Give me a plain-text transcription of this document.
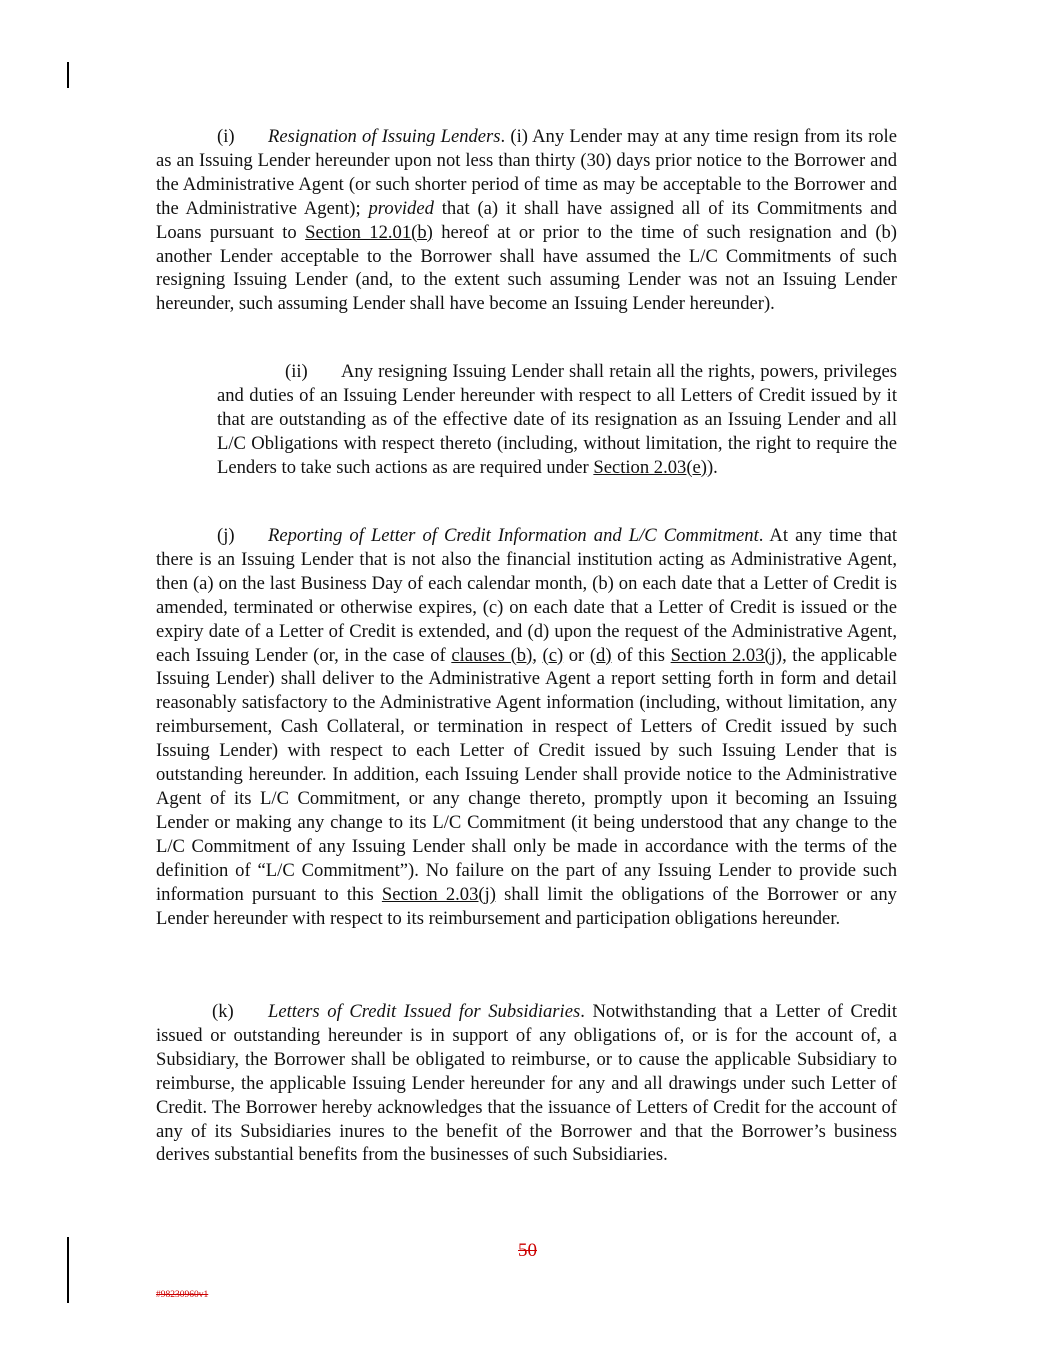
(i) Resignation of Issuing Lenders. (i) Any Lender may at any time resign from its role as an Issuing Lender hereunder upon not less than thirty (30) days prior notice to the Borrower and the Administrative Agent (or such shorter period of time as may be acceptable to the Borrower and the Administrative Agent); provided that (a) it shall have assigned all of its Commitments and Loans pursuant to Section 12.01(b) hereof at or prior to the time of such resignation and (b) another Lender acceptable to the Borrower shall have assumed the L/C Commitments of such resigning Issuing Lender (and, to the extent such assuming Lender was not an Issuing Lender hereunder, such assuming Lender shall have become an Issuing Lender hereunder).

(ii) Any resigning Issuing Lender shall retain all the rights, powers, privileges and duties of an Issuing Lender hereunder with respect to all Letters of Credit issued by it that are outstanding as of the effective date of its resignation as an Issuing Lender and all L/C Obligations with respect thereto (including, without limitation, the right to require the Lenders to take such actions as are required under Section 2.03(e)).

(j) Reporting of Letter of Credit Information and L/C Commitment. At any time that there is an Issuing Lender that is not also the financial institution acting as Administrative Agent, then (a) on the last Business Day of each calendar month, (b) on each date that a Letter of Credit is amended, terminated or otherwise expires, (c) on each date that a Letter of Credit is issued or the expiry date of a Letter of Credit is extended, and (d) upon the request of the Administrative Agent, each Issuing Lender (or, in the case of clauses (b), (c) or (d) of this Section 2.03(j), the applicable Issuing Lender) shall deliver to the Administrative Agent a report setting forth in form and detail reasonably satisfactory to the Administrative Agent information (including, without limitation, any reimbursement, Cash Collateral, or termination in respect of Letters of Credit issued by such Issuing Lender) with respect to each Letter of Credit issued by such Issuing Lender that is outstanding hereunder. In addition, each Issuing Lender shall provide notice to the Administrative Agent of its L/C Commitment, or any change thereto, promptly upon it becoming an Issuing Lender or making any change to its L/C Commitment (it being understood that any change to the L/C Commitment of any Issuing Lender shall only be made in accordance with the terms of the definition of “L/C Commitment”). No failure on the part of any Issuing Lender to provide such information pursuant to this Section 2.03(j) shall limit the obligations of the Borrower or any Lender hereunder with respect to its reimbursement and participation obligations hereunder.

(k) Letters of Credit Issued for Subsidiaries. Notwithstanding that a Letter of Credit issued or outstanding hereunder is in support of any obligations of, or is for the account of, a Subsidiary, the Borrower shall be obligated to reimburse, or to cause the applicable Subsidiary to reimburse, the applicable Issuing Lender hereunder for any and all drawings under such Letter of Credit. The Borrower hereby acknowledges that the issuance of Letters of Credit for the account of any of its Subsidiaries inures to the benefit of the Borrower and that the Borrower’s business derives substantial benefits from the businesses of such Subsidiaries.

50
#98230960v1
